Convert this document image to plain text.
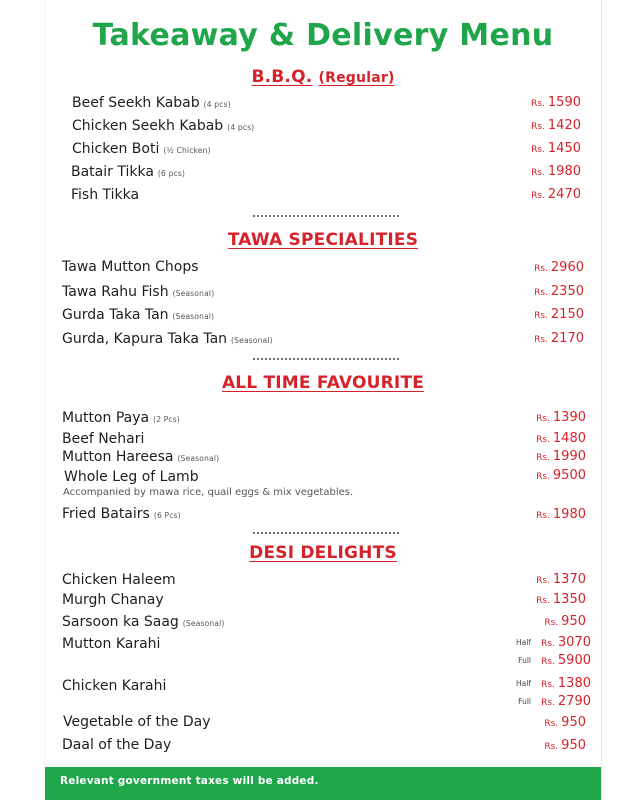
Takeaway & Delivery Menu
B.B.Q. (Regular)
Beef Seekh Kabab (4 pcs)	Rs. 1590
Chicken Seekh Kabab (4 pcs)	Rs. 1420
Chicken Boti (½ Chicken)	Rs. 1450
Batair Tikka (6 pcs)	Rs. 1980
Fish Tikka	Rs. 2470
TAWA SPECIALITIES
Tawa Mutton Chops	Rs. 2960
Tawa Rahu Fish (Seasonal)	Rs. 2350
Gurda Taka Tan (Seasonal)	Rs. 2150
Gurda, Kapura Taka Tan (Seasonal)	Rs. 2170
ALL TIME FAVOURITE
Mutton Paya (2 Pcs)	Rs. 1390
Beef Nehari	Rs. 1480
Mutton Hareesa (Seasonal)	Rs. 1990
Whole Leg of Lamb	Rs. 9500
Accompanied by mawa rice, quail eggs & mix vegetables.
Fried Batairs (6 Pcs)	Rs. 1980
DESI DELIGHTS
Chicken Haleem	Rs. 1370
Murgh Chanay	Rs. 1350
Sarsoon ka Saag (Seasonal)	Rs. 950
Mutton Karahi	Half	Rs. 3070
Full	Rs. 5900
Chicken Karahi	Half	Rs. 1380
Full	Rs. 2790
Vegetable of the Day	Rs. 950
Daal of the Day	Rs. 950
Relevant government taxes will be added.
